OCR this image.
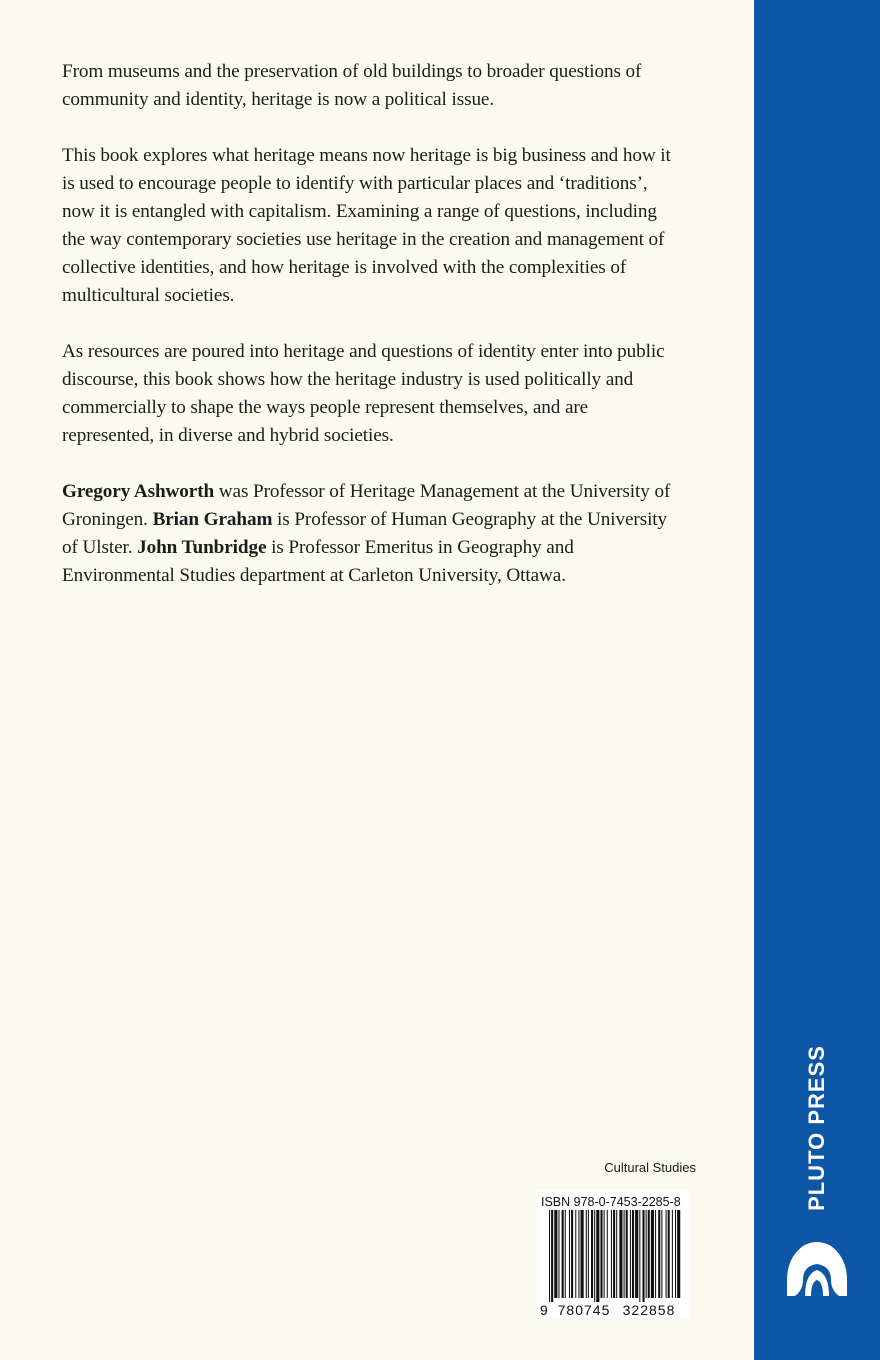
From museums and the preservation of old buildings to broader questions of community and identity, heritage is now a political issue.

This book explores what heritage means now heritage is big business and how it is used to encourage people to identify with particular places and ‘traditions’, now it is entangled with capitalism. Examining a range of questions, including the way contemporary societies use heritage in the creation and management of collective identities, and how heritage is involved with the complexities of multicultural societies.

As resources are poured into heritage and questions of identity enter into public discourse, this book shows how the heritage industry is used politically and commercially to shape the ways people represent themselves, and are represented, in diverse and hybrid societies.

Gregory Ashworth was Professor of Heritage Management at the University of Groningen. Brian Graham is Professor of Human Geography at the University of Ulster. John Tunbridge is Professor Emeritus in Geography and Environmental Studies department at Carleton University, Ottawa.

Cultural Studies
9 780745 322858
ISBN 978-0-7453-2285-8	PLUTO PRESS
